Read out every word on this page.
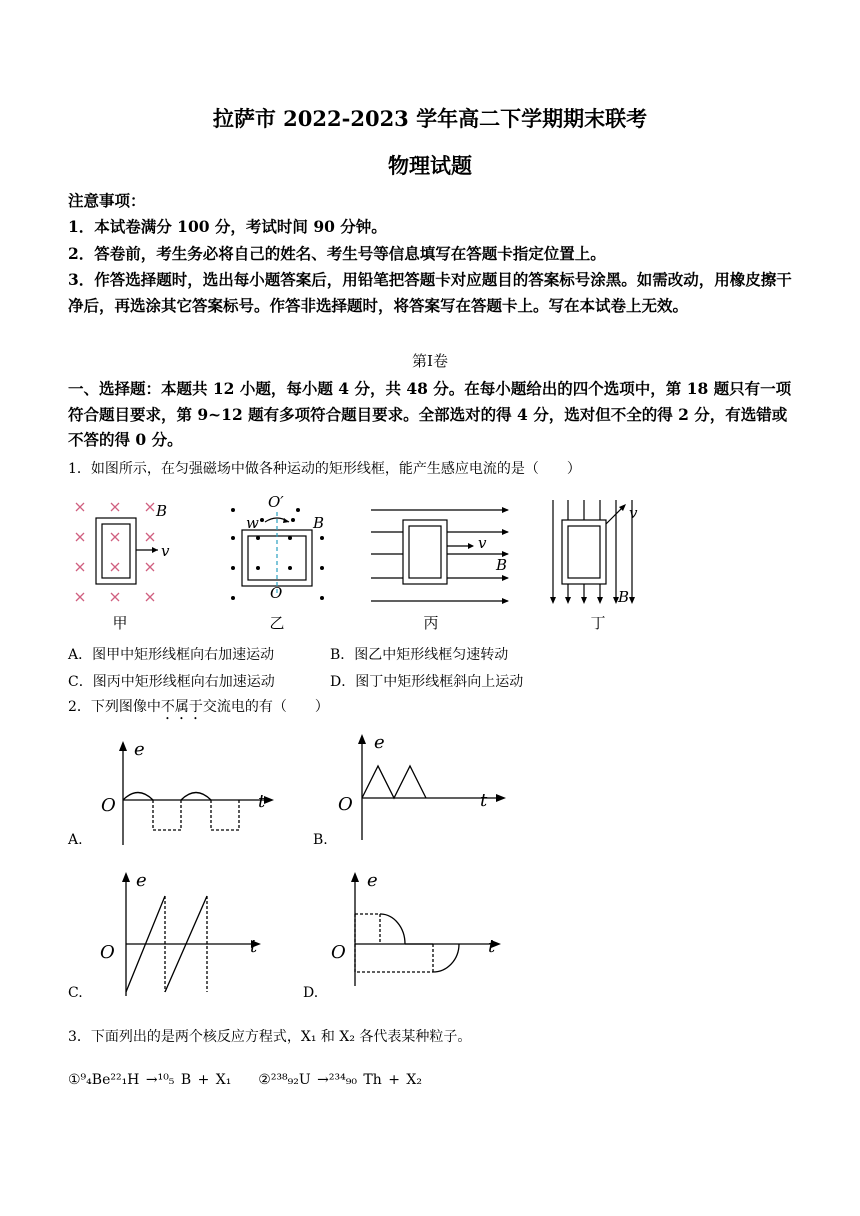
拉萨市 2022-2023 学年高二下学期期末联考
物理试题
注意事项：
1．本试卷满分 100 分，考试时间 90 分钟。
2．答卷前，考生务必将自己的姓名、考生号等信息填写在答题卡指定位置上。
3．作答选择题时，选出每小题答案后，用铅笔把答题卡对应题目的答案标号涂黑。如需改动，用橡皮擦干净后，再选涂其它答案标号。作答非选择题时，将答案写在答题卡上。写在本试卷上无效。
第Ⅰ卷
一、选择题：本题共 12 小题，每小题 4 分，共 48 分。在每小题给出的四个选项中，第 18 题只有一项符合题目要求，第 9~12 题有多项符合题目要求。全部选对的得 4 分，选对但不全的得 2 分，有选错或不答的得 0 分。
1．如图所示，在匀强磁场中做各种运动的矩形线框，能产生感应电流的是（　　）
v
B
甲
w
O′
B
O
乙
v
B
丙
v
B
丁
A．图甲中矩形线框向右加速运动	B．图乙中矩形线框匀速转动
C．图丙中矩形线框向右加速运动	D．图丁中矩形线框斜向上运动
2．下列图像中不属于交流电的有（　　）
e
t
O
A.
e
t
O
B.
e
t
O
C.
e
t
O
D.
3．下面列出的是两个核反应方程式，X₁ 和 X₂ 各代表某种粒子。
①⁹₄Be²²₁H →¹⁰₅ B + X₁ ②²³⁸₉₂U →²³⁴₉₀ Th + X₂
